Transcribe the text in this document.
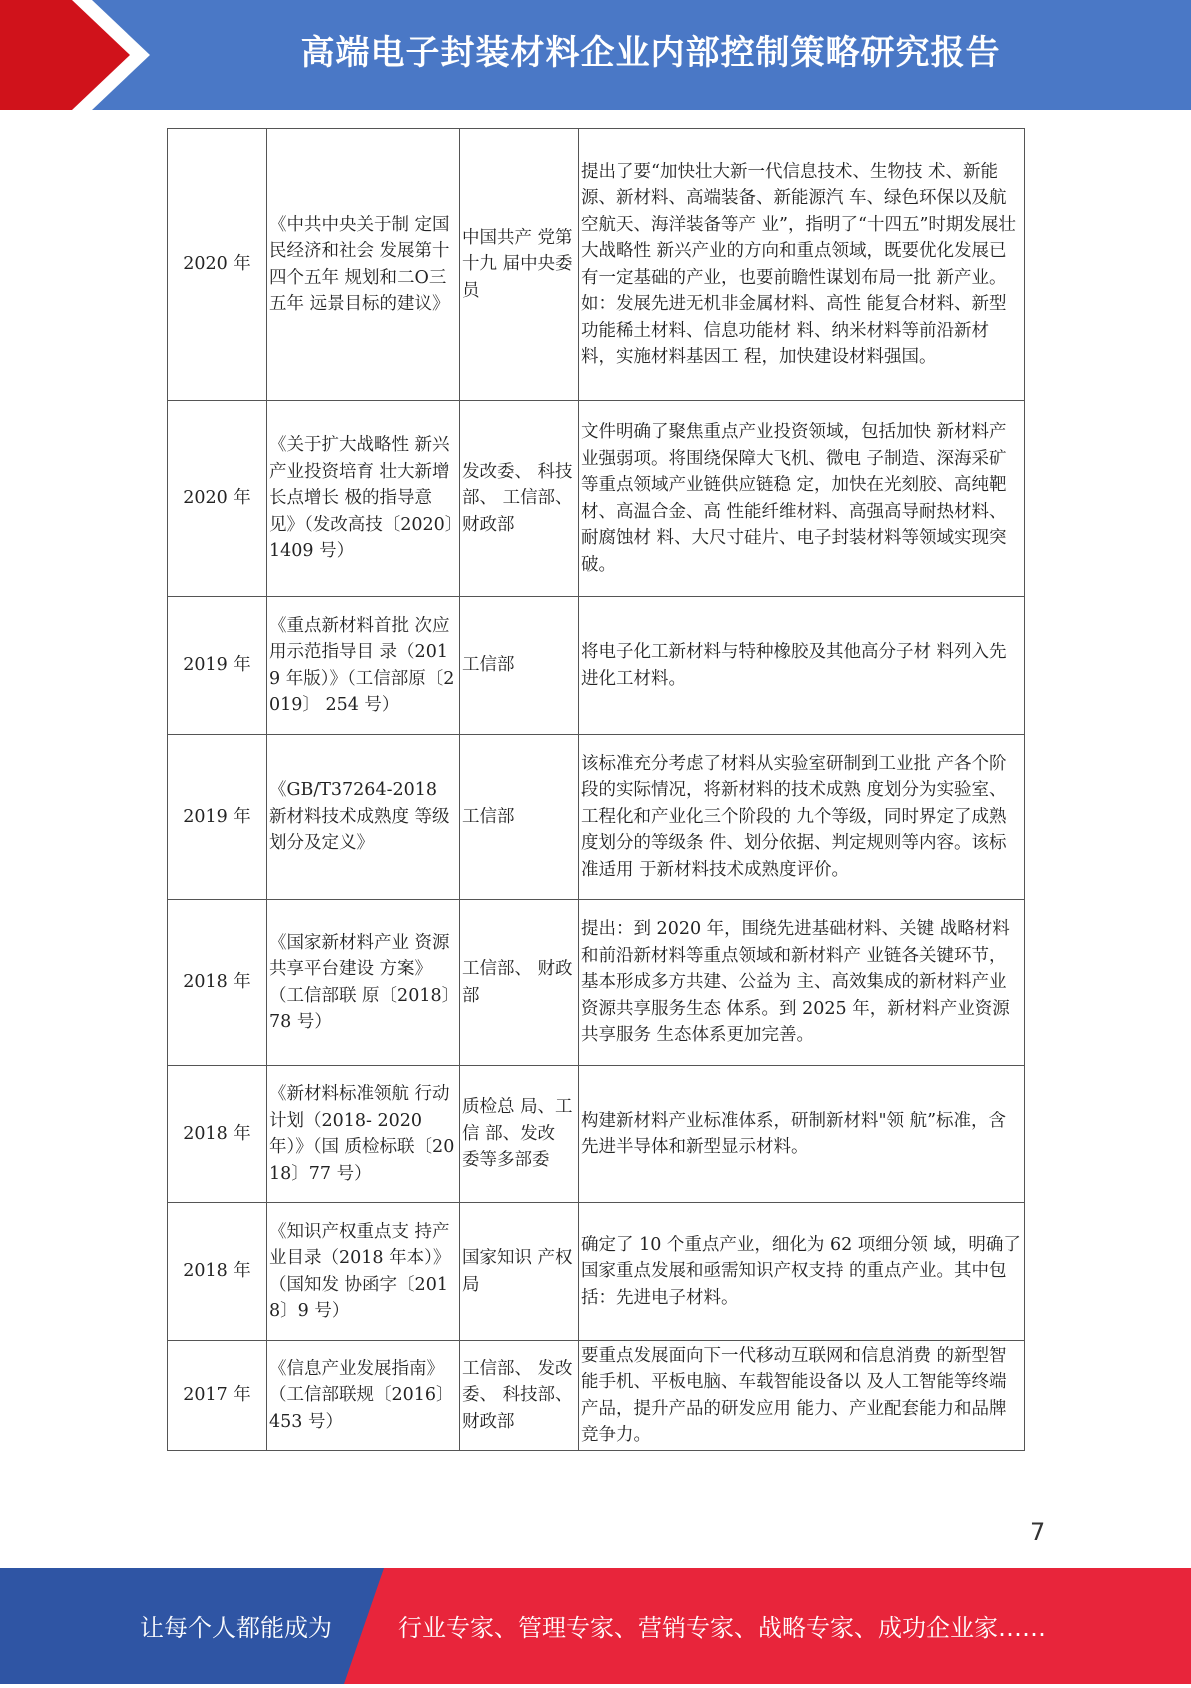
高端电子封装材料企业内部控制策略研究报告
2020 年	《中共中央关于制 定国民经济和社会 发展第十四个五年 规划和二O三五年 远景目标的建议》	中国共产 党第十九 届中央委 员	提出了要“加快壮大新一代信息技术、生物技 术、新能源、新材料、高端装备、新能源汽 车、绿色环保以及航空航天、海洋装备等产 业”，指明了“十四五”时期发展壮大战略性 新兴产业的方向和重点领域，既要优化发展已 有一定基础的产业，也要前瞻性谋划布局一批 新产业。如：发展先进无机非金属材料、高性 能复合材料、新型功能稀土材料、信息功能材 料、纳米材料等前沿新材料，实施材料基因工 程，加快建设材料强国。
2020 年	《关于扩大战略性 新兴产业投资培育 壮大新增长点增长 极的指导意见》（发改高技〔2020〕1409 号）	发改委、 科技部、 工信部、 财政部	文件明确了聚焦重点产业投资领域，包括加快 新材料产业强弱项。将围绕保障大飞机、微电 子制造、深海采矿等重点领域产业链供应链稳 定，加快在光刻胶、高纯靶材、高温合金、高 性能纤维材料、高强高导耐热材料、耐腐蚀材 料、大尺寸硅片、电子封装材料等领域实现突 破。
2019 年	《重点新材料首批 次应用示范指导目 录（2019 年版）》（工信部原〔2019〕 254 号）	工信部	将电子化工新材料与特种橡胶及其他高分子材 料列入先进化工材料。
2019 年	《GB/T37264-2018 新材料技术成熟度 等级划分及定义》	工信部	该标准充分考虑了材料从实验室研制到工业批 产各个阶段的实际情况，将新材料的技术成熟 度划分为实验室、工程化和产业化三个阶段的 九个等级，同时界定了成熟度划分的等级条 件、划分依据、判定规则等内容。该标准适用 于新材料技术成熟度评价。
2018 年	《国家新材料产业 资源共享平台建设 方案》（工信部联 原〔2018〕78 号）	工信部、 财政部	提出：到 2020 年，围绕先进基础材料、关键 战略材料和前沿新材料等重点领域和新材料产 业链各关键环节，基本形成多方共建、公益为 主、高效集成的新材料产业资源共享服务生态 体系。到 2025 年，新材料产业资源共享服务 生态体系更加完善。
2018 年	《新材料标准领航 行动计划（2018- 2020 年）》（国 质检标联〔2018〕77 号）	质检总 局、工信 部、发改 委等多部委	构建新材料产业标准体系，研制新材料"领 航”标准，含先进半导体和新型显示材料。
2018 年	《知识产权重点支 持产业目录（2018 年本）》（国知发 协函字〔2018〕9 号）	国家知识 产权局	确定了 10 个重点产业，细化为 62 项细分领 域，明确了国家重点发展和亟需知识产权支持 的重点产业。其中包括：先进电子材料。
2017 年	《信息产业发展指南》（工信部联规〔2016〕 453 号）	工信部、 发改委、 科技部、 财政部	要重点发展面向下一代移动互联网和信息消费 的新型智能手机、平板电脑、车载智能设备以 及人工智能等终端产品，提升产品的研发应用 能力、产业配套能力和品牌竞争力。
7
让每个人都能成为	行业专家、管理专家、营销专家、战略专家、成功企业家……
